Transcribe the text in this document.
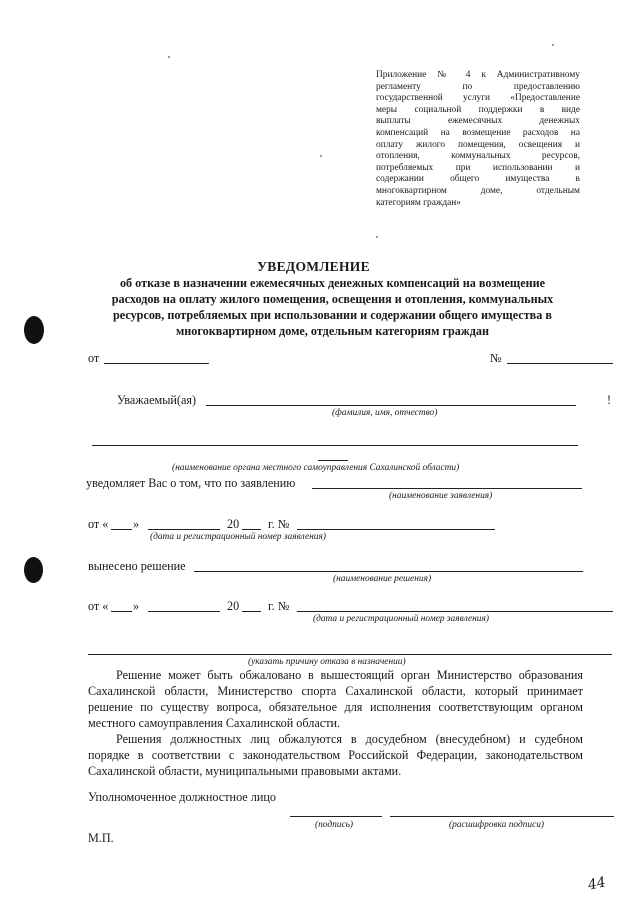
Приложение № 4 к Административному
регламенту по предоставлению
государственной услуги «Предоставление
меры социальной поддержки в виде
выплаты ежемесячных денежных
компенсаций на возмещение расходов на
оплату жилого помещения, освещения и
отопления, коммунальных ресурсов,
потребляемых при использовании и
содержании общего имущества в
многоквартирном доме, отдельным
категориям граждан»
УВЕДОМЛЕНИЕ
об отказе в назначении ежемесячных денежных компенсаций на возмещение
расходов на оплату жилого помещения, освещения и отопления, коммунальных
ресурсов, потребляемых при использовании и содержании общего имущества в
многоквартирном доме, отдельным категориям граждан
от	№
Уважаемый(ая)	!
(фамилия, имя, отчество)
(наименование органа местного самоуправления Сахалинской области)
уведомляет Вас о том, что по заявлению
(наименование заявления)
от « »	20 г. №
(дата и регистрационный номер заявления)
вынесено решение
(наименование решения)
от « »	20 г. №
(дата и регистрационный номер заявления)
(указать причину отказа в назначении)
Решение может быть обжаловано в вышестоящий орган Министерство образования
Сахалинской области, Министерство спорта Сахалинской области, который принимает
решение по существу вопроса, обязательное для исполнения соответствующим органом
местного самоуправления Сахалинской области.
Решения должностных лиц обжалуются в досудебном (внесудебном) и судебном
порядке в соответствии с законодательством Российской Федерации, законодательством
Сахалинской области, муниципальными правовыми актами.
Уполномоченное должностное лицо
(подпись)	(расшифровка подписи)
М.П.
44
